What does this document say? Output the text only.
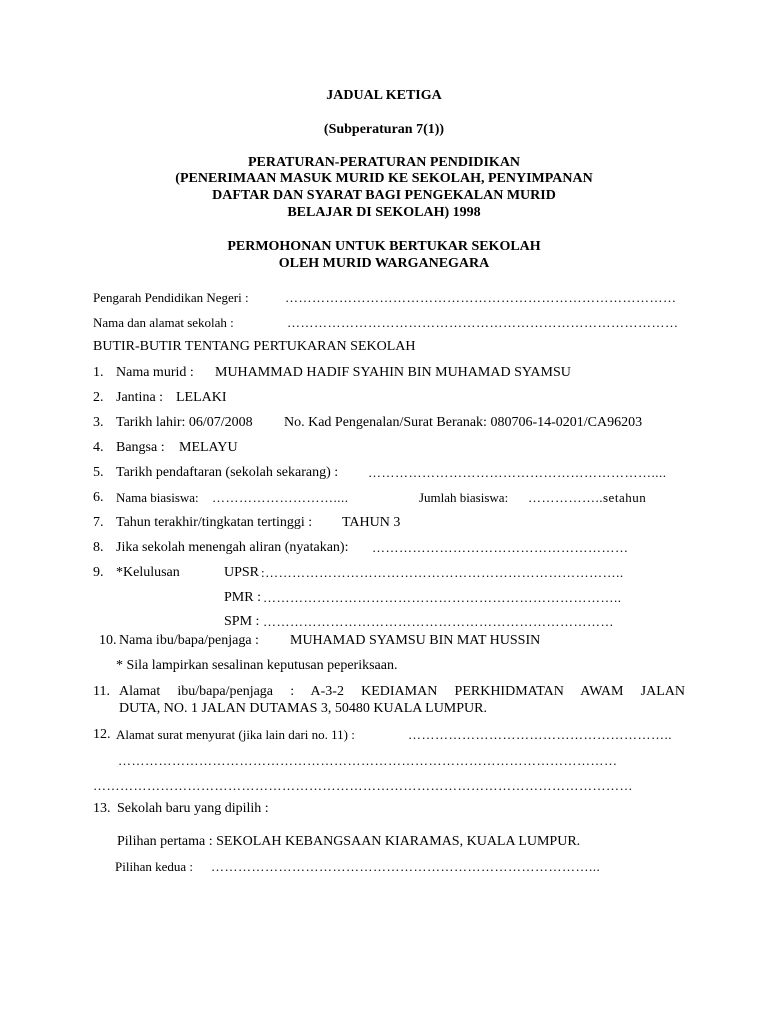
JADUAL KETIGA
(Subperaturan 7(1))
PERATURAN-PERATURAN PENDIDIKAN
(PENERIMAAN MASUK MURID KE SEKOLAH, PENYIMPANAN
DAFTAR DAN SYARAT BAGI PENGEKALAN MURID
BELAJAR DI SEKOLAH) 1998
PERMOHONAN UNTUK BERTUKAR SEKOLAH
OLEH MURID WARGANEGARA
Pengarah Pendidikan Negeri :	……………………………………………………………………………
Nama dan alamat sekolah :	……………………………………………………………………………
BUTIR-BUTIR TENTANG PERTUKARAN SEKOLAH
1. Nama murid : MUHAMMAD HADIF SYAHIN BIN MUHAMAD SYAMSU
2. Jantina : LELAKI
3. Tarikh lahir: 06/07/2008 No. Kad Pengenalan/Surat Beranak: 080706-14-0201/CA96203
4. Bangsa : MELAYU
5. Tarikh pendaftaran (sekolah sekarang) : ………………………………………………………....
6. Nama biasiswa: ………………………....	Jumlah biasiswa: ……………..setahun
7. Tahun terakhir/tingkatan tertinggi : TAHUN 3
8. Jika sekolah menengah aliran (nyatakan): …………………………………………………
9. *Kelulusan	UPSR :……………………………………………………………………..
PMR : ……………………………………………………………………..
SPM : ……………………………………………………………………
10. Nama ibu/bapa/penjaga : MUHAMAD SYAMSU BIN MAT HUSSIN
* Sila lampirkan sesalinan keputusan peperiksaan.
11. Alamat ibu/bapa/penjaga : A-3-2 KEDIAMAN PERKHIDMATAN AWAM JALAN
DUTA, NO. 1 JALAN DUTAMAS 3, 50480 KUALA LUMPUR.
12. Alamat surat menyurat (jika lain dari no. 11) :	…………………………………………………..
…………………………………………………………………………………………………
…………………………………………………………………………………………………………
13. Sekolah baru yang dipilih :
Pilihan pertama : SEKOLAH KEBANGSAAN KIARAMAS, KUALA LUMPUR.
Pilihan kedua : …………………………………………………………………………...
